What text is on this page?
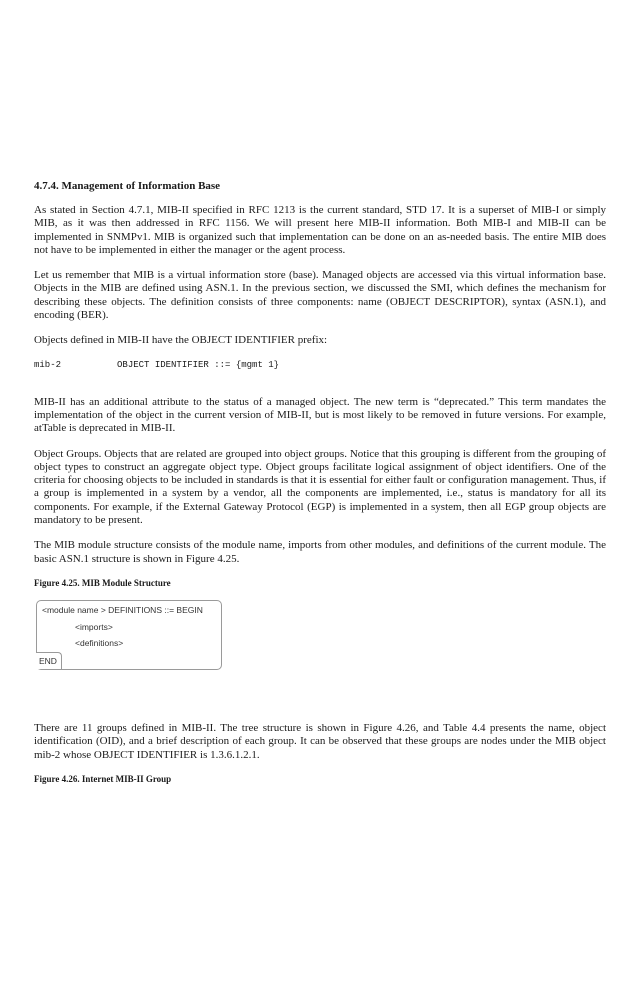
4.7.4. Management of Information Base

As stated in Section 4.7.1, MIB-II specified in RFC 1213 is the current standard, STD 17. It is a superset of MIB-I or simply MIB, as it was then addressed in RFC 1156. We will present here MIB-II information. Both MIB-I and MIB-II can be implemented in SNMPv1. MIB is organized such that implementation can be done on an as-needed basis. The entire MIB does not have to be implemented in either the manager or the agent process.

Let us remember that MIB is a virtual information store (base). Managed objects are accessed via this virtual information base. Objects in the MIB are defined using ASN.1. In the previous section, we discussed the SMI, which defines the mechanism for describing these objects. The definition consists of three components: name (OBJECT DESCRIPTOR), syntax (ASN.1), and encoding (BER).

Objects defined in MIB-II have the OBJECT IDENTIFIER prefix:

mib-2	OBJECT IDENTIFIER ::= {mgmt 1}

MIB-II has an additional attribute to the status of a managed object. The new term is “deprecated.” This term mandates the implementation of the object in the current version of MIB-II, but is most likely to be removed in future versions. For example, atTable is deprecated in MIB-II.

Object Groups. Objects that are related are grouped into object groups. Notice that this grouping is different from the grouping of object types to construct an aggregate object type. Object groups facilitate logical assignment of object identifiers. One of the criteria for choosing objects to be included in standards is that it is essential for either fault or configuration management. Thus, if a group is implemented in a system by a vendor, all the components are implemented, i.e., status is mandatory for all its components. For example, if the External Gateway Protocol (EGP) is implemented in a system, then all EGP group objects are mandatory to be present.

The MIB module structure consists of the module name, imports from other modules, and definitions of the current module. The basic ASN.1 structure is shown in Figure 4.25.

Figure 4.25. MIB Module Structure
<module name > DEFINITIONS ::= BEGIN
<imports>
<definitions>
END

There are 11 groups defined in MIB-II. The tree structure is shown in Figure 4.26, and Table 4.4 presents the name, object identification (OID), and a brief description of each group. It can be observed that these groups are nodes under the MIB object mib-2 whose OBJECT IDENTIFIER is 1.3.6.1.2.1.

Figure 4.26. Internet MIB-II Group
